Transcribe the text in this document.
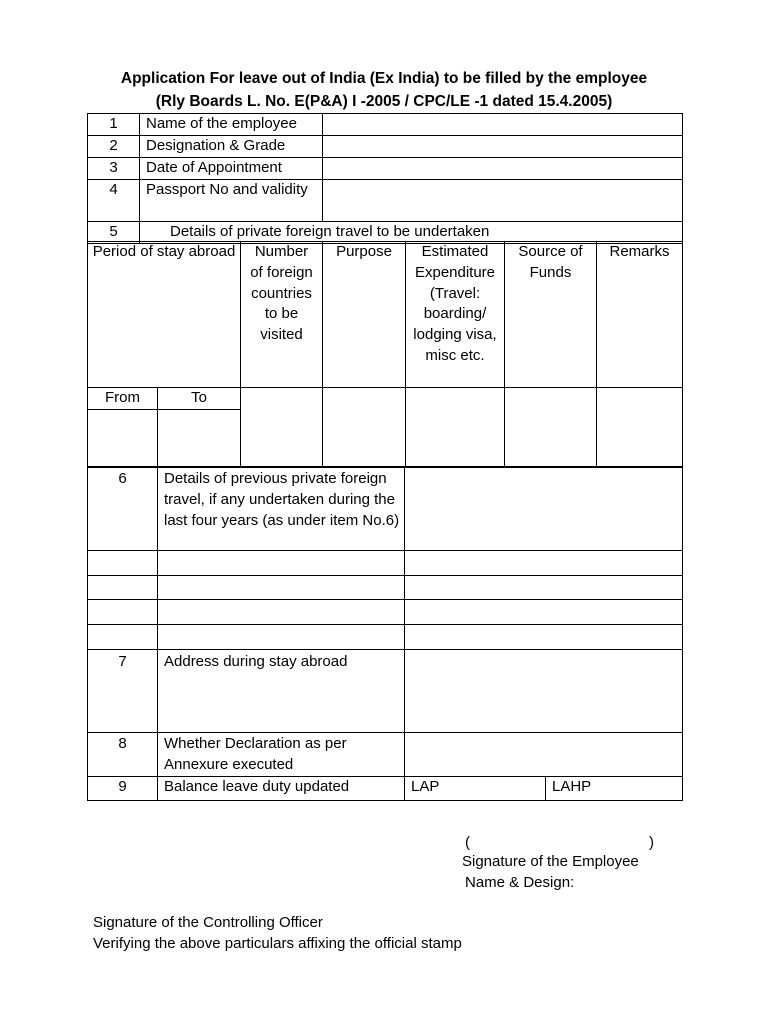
Application For leave out of India (Ex India) to be filled by the employee
(Rly Boards L. No. E(P&A) I -2005 / CPC/LE -1 dated 15.4.2005)
1	Name of the employee	
2	Designation & Grade	
3	Date of Appointment	
4	Passport No and validity	
5	Details of private foreign travel to be undertaken	
Period of stay abroad		Number of foreign countries to be visited	Purpose	Estimated Expenditure (Travel: boarding/ lodging visa, misc etc.	Source of Funds	Remarks
From	To					

6	Details of previous private foreign travel, if any undertaken during the last four years (as under item No.6)		

7	Address during stay abroad		
8	Whether Declaration as per Annexure executed		
9	Balance leave duty updated	LAP	LAHP
(	)
Signature of the Employee
Name & Design:
Signature of the Controlling Officer
Verifying the above particulars affixing the official stamp
